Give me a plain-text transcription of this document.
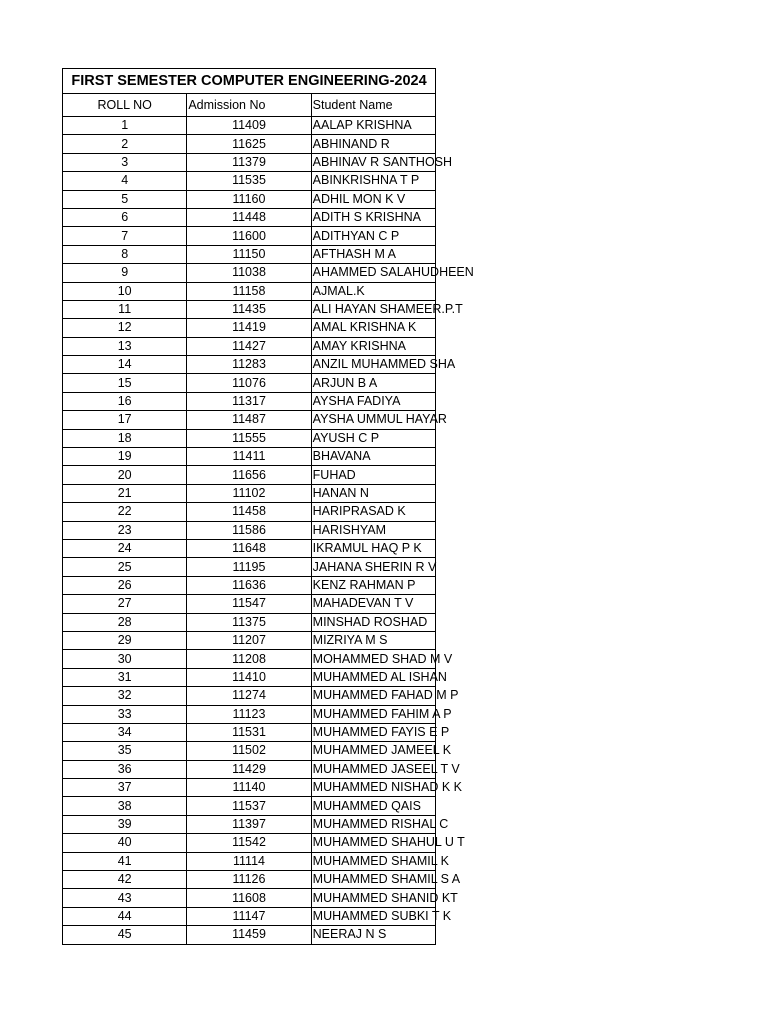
FIRST SEMESTER COMPUTER ENGINEERING-2024		
ROLL NO	Admission No	Student Name
1	11409	AALAP KRISHNA
2	11625	ABHINAND R
3	11379	ABHINAV R SANTHOSH
4	11535	ABINKRISHNA T P
5	11160	ADHIL MON K V
6	11448	ADITH S KRISHNA
7	11600	ADITHYAN C P
8	11150	AFTHASH M A
9	11038	AHAMMED SALAHUDHEEN
10	11158	AJMAL.K
11	11435	ALI HAYAN SHAMEER.P.T
12	11419	AMAL KRISHNA K
13	11427	AMAY KRISHNA
14	11283	ANZIL MUHAMMED SHA
15	11076	ARJUN B A
16	11317	AYSHA FADIYA
17	11487	AYSHA UMMUL HAYAR
18	11555	AYUSH C P
19	11411	BHAVANA
20	11656	FUHAD
21	11102	HANAN N
22	11458	HARIPRASAD K
23	11586	HARISHYAM
24	11648	IKRAMUL HAQ P K
25	11195	JAHANA SHERIN R V
26	11636	KENZ RAHMAN P
27	11547	MAHADEVAN T V
28	11375	MINSHAD ROSHAD
29	11207	MIZRIYA M S
30	11208	MOHAMMED SHAD M V
31	11410	MUHAMMED AL ISHAN
32	11274	MUHAMMED FAHAD M P
33	11123	MUHAMMED FAHIM A P
34	11531	MUHAMMED FAYIS E P
35	11502	MUHAMMED JAMEEL K
36	11429	MUHAMMED JASEEL T V
37	11140	MUHAMMED NISHAD K K
38	11537	MUHAMMED QAIS
39	11397	MUHAMMED RISHAL C
40	11542	MUHAMMED SHAHUL U T
41	11114	MUHAMMED SHAMIL K
42	11126	MUHAMMED SHAMIL S A
43	11608	MUHAMMED SHANID KT
44	11147	MUHAMMED SUBKI T K
45	11459	NEERAJ N S
